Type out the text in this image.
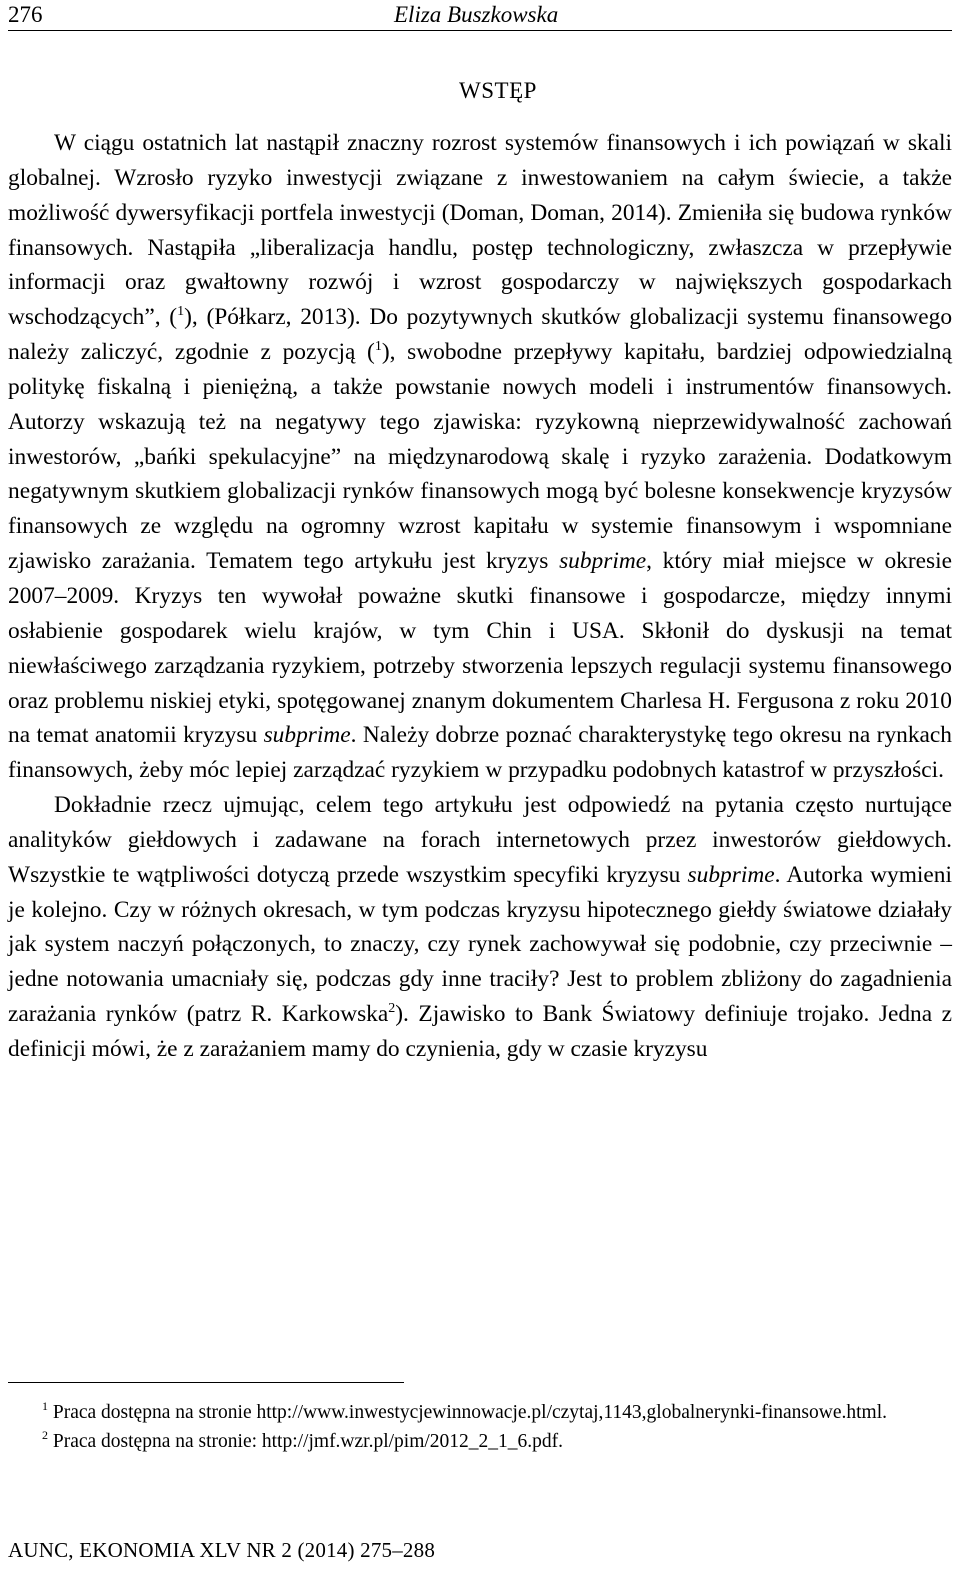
276	Eliza Buszkowska
WSTĘP

W ciągu ostatnich lat nastąpił znaczny rozrost systemów finansowych i ich powiązań w skali globalnej. Wzrosło ryzyko inwestycji związane z inwestowaniem na całym świecie, a także możliwość dywersyfikacji portfela inwestycji (Doman, Doman, 2014). Zmieniła się budowa rynków finansowych. Nastąpiła „liberalizacja handlu, postęp technologiczny, zwłaszcza w przepływie informacji oraz gwałtowny rozwój i wzrost gospodarczy w największych gospodarkach wschodzących”, ($^1$), (Półkarz, 2013). Do pozytywnych skutków globalizacji systemu finansowego należy zaliczyć, zgodnie z pozycją ($^1$), swobodne przepływy kapitału, bardziej odpowiedzialną politykę fiskalną i pieniężną, a także powstanie nowych modeli i instrumentów finansowych. Autorzy wskazują też na negatywy tego zjawiska: ryzykowną nieprzewidywalność zachowań inwestorów, „bańki spekulacyjne” na międzynarodową skalę i ryzyko zarażenia. Dodatkowym negatywnym skutkiem globalizacji rynków finansowych mogą być bolesne konsekwencje kryzysów finansowych ze względu na ogromny wzrost kapitału w systemie finansowym i wspomniane zjawisko zarażania. Tematem tego artykułu jest kryzys subprime, który miał miejsce w okresie 2007–2009. Kryzys ten wywołał poważne skutki finansowe i gospodarcze, między innymi osłabienie gospodarek wielu krajów, w tym Chin i USA. Skłonił do dyskusji na temat niewłaściwego zarządzania ryzykiem, potrzeby stworzenia lepszych regulacji systemu finansowego oraz problemu niskiej etyki, spotęgowanej znanym dokumentem Charlesa H. Fergusona z roku 2010 na temat anatomii kryzysu subprime. Należy dobrze poznać charakterystykę tego okresu na rynkach finansowych, żeby móc lepiej zarządzać ryzykiem w przypadku podobnych katastrof w przyszłości.

Dokładnie rzecz ujmując, celem tego artykułu jest odpowiedź na pytania często nurtujące analityków giełdowych i zadawane na forach internetowych przez inwestorów giełdowych. Wszystkie te wątpliwości dotyczą przede wszystkim specyfiki kryzysu subprime. Autorka wymieni je kolejno. Czy w różnych okresach, w tym podczas kryzysu hipotecznego giełdy światowe działały jak system naczyń połączonych, to znaczy, czy rynek zachowywał się podobnie, czy przeciwnie – jedne notowania umacniały się, podczas gdy inne traciły? Jest to problem zbliżony do zagadnienia zarażania rynków (patrz R. Karkowska$^2$). Zjawisko to Bank Światowy definiuje trojako. Jedna z definicji mówi, że z zarażaniem mamy do czynienia, gdy w czasie kryzysu

$^1$ Praca dostępna na stronie http://www.inwestycjewinnowacje.pl/czytaj,1143,globalnerynki-finansowe.html.

$^2$ Praca dostępna na stronie: http://jmf.wzr.pl/pim/2012_2_1_6.pdf.

AUNC, EKONOMIA XLV NR 2 (2014) 275–288
